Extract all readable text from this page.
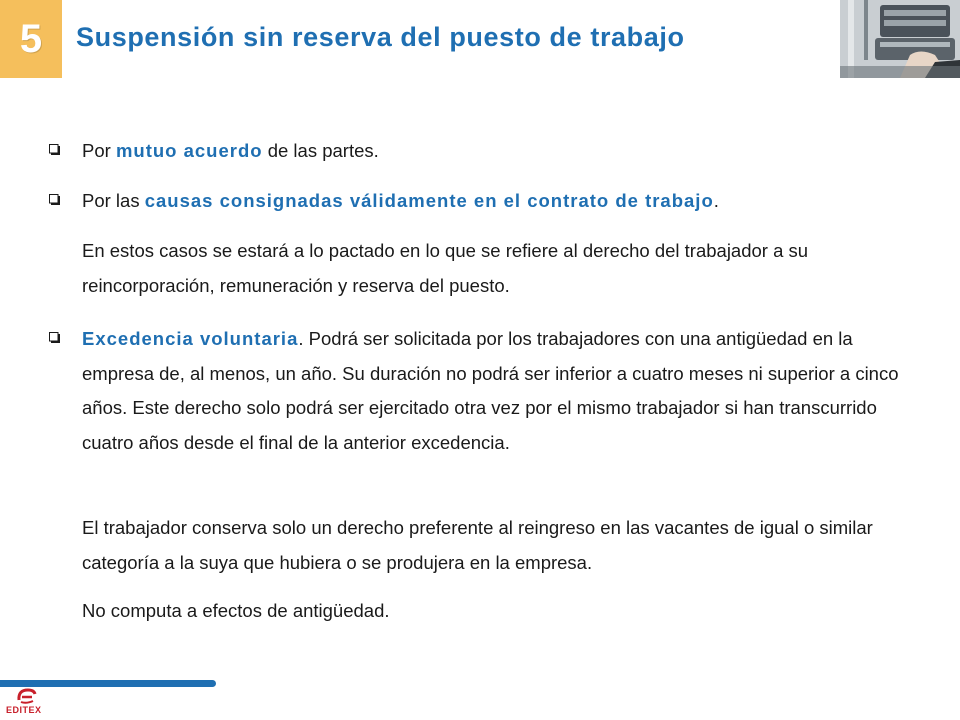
5 Suspensión sin reserva del puesto de trabajo

Por mutuo acuerdo de las partes.

Por las causas consignadas válidamente en el contrato de trabajo.

En estos casos se estará a lo pactado en lo que se refiere al derecho del trabajador a su reincorporación, remuneración y reserva del puesto.

Excedencia voluntaria. Podrá ser solicitada por los trabajadores con una antigüedad en la empresa de, al menos, un año. Su duración no podrá ser inferior a cuatro meses ni superior a cinco años. Este derecho solo podrá ser ejercitado otra vez por el mismo trabajador si han transcurrido cuatro años desde el final de la anterior excedencia.

El trabajador conserva solo un derecho preferente al reingreso en las vacantes de igual o similar categoría a la suya que hubiera o se produjera en la empresa.

No computa a efectos de antigüedad.

EDITEX
